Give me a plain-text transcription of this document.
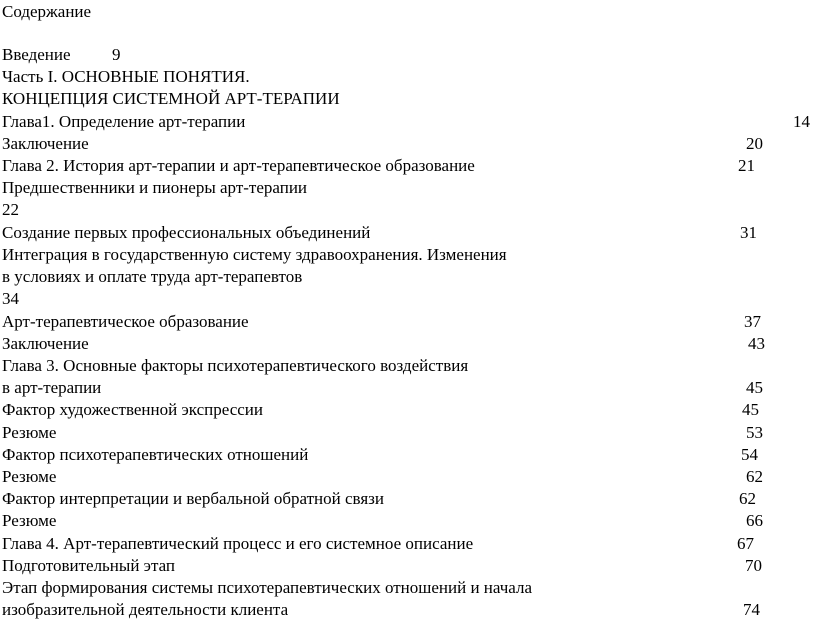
Содержание
Введение 9
Часть I. ОСНОВНЫЕ ПОНЯТИЯ.
КОНЦЕПЦИЯ СИСТЕМНОЙ АРТ-ТЕРАПИИ
Глава1. Определение арт-терапии	14
Заключение	20
Глава 2. История арт-терапии и арт-терапевтическое образование	21
Предшественники и пионеры арт-терапии
22
Создание первых профессиональных объединений	31
Интеграция в государственную систему здравоохранения. Изменения
в условиях и оплате труда арт-терапевтов
34
Арт-терапевтическое образование	37
Заключение	43
Глава 3. Основные факторы психотерапевтического воздействия
в арт-терапии	45
Фактор художественной экспрессии	45
Резюме	53
Фактор психотерапевтических отношений	54
Резюме	62
Фактор интерпретации и вербальной обратной связи	62
Резюме	66
Глава 4. Арт-терапевтический процесс и его системное описание	67
Подготовительный этап	70
Этап формирования системы психотерапевтических отношений и начала
изобразительной деятельности клиента	74
